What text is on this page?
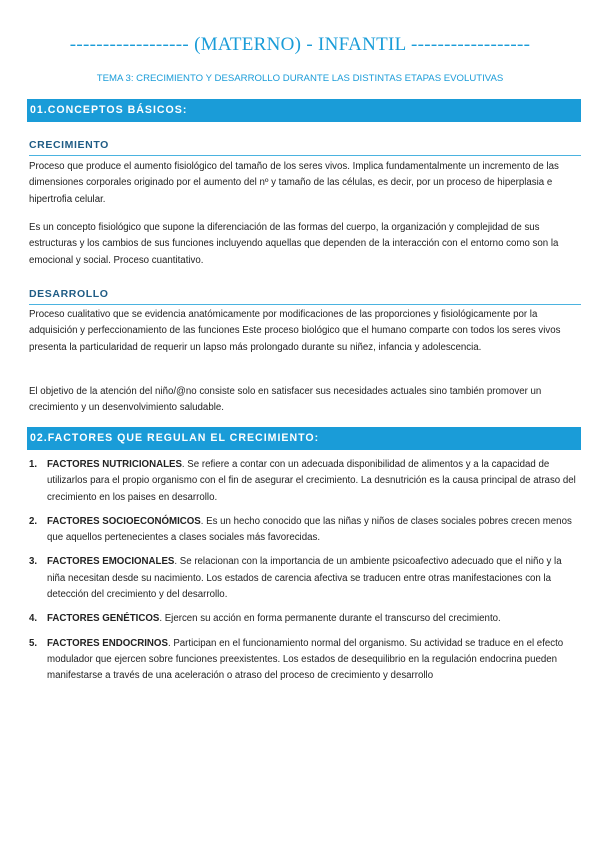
------------------ (MATERNO) - INFANTIL ------------------
TEMA 3: CRECIMIENTO Y DESARROLLO DURANTE LAS DISTINTAS ETAPAS EVOLUTIVAS
01.CONCEPTOS BÁSICOS:
CRECIMIENTO

Proceso que produce el aumento fisiológico del tamaño de los seres vivos. Implica fundamentalmente un incremento de las dimensiones corporales originado por el aumento del nº y tamaño de las células, es decir, por un proceso de hiperplasia e hipertrofia celular.

Es un concepto fisiológico que supone la diferenciación de las formas del cuerpo, la organización y complejidad de sus estructuras y los cambios de sus funciones incluyendo aquellas que dependen de la interacción con el entorno como son la emocional y social. Proceso cuantitativo.

DESARROLLO

Proceso cualitativo que se evidencia anatómicamente por modificaciones de las proporciones y fisiológicamente por la adquisición y perfeccionamiento de las funciones Este proceso biológico que el humano comparte con todos los seres vivos presenta la particularidad de requerir un lapso más prolongado durante su niñez, infancia y adolescencia.

El objetivo de la atención del niño/@no consiste solo en satisfacer sus necesidades actuales sino también promover un crecimiento y un desenvolvimiento saludable.

02.FACTORES QUE REGULAN EL CRECIMIENTO:
1.	FACTORES NUTRICIONALES. Se refiere a contar con un adecuada disponibilidad de alimentos y a la capacidad de utilizarlos para el propio organismo con el fin de asegurar el crecimiento. La desnutrición es la causa principal de atraso del crecimiento en los paises en desarrollo.
2.	FACTORES SOCIOECONÓMICOS. Es un hecho conocido que las niñas y niños de clases sociales pobres crecen menos que aquellos pertenecientes a clases sociales más favorecidas.
3.	FACTORES EMOCIONALES. Se relacionan con la importancia de un ambiente psicoafectivo adecuado que el niño y la niña necesitan desde su nacimiento. Los estados de carencia afectiva se traducen entre otras manifestaciones con la detección del crecimiento y del desarrollo.
4.	FACTORES GENÉTICOS. Ejercen su acción en forma permanente durante el transcurso del crecimiento.
5.	FACTORES ENDOCRINOS. Participan en el funcionamiento normal del organismo. Su actividad se traduce en el efecto modulador que ejercen sobre funciones preexistentes. Los estados de desequilibrio en la regulación endocrina pueden manifestarse a través de una aceleración o atraso del proceso de crecimiento y desarrollo
